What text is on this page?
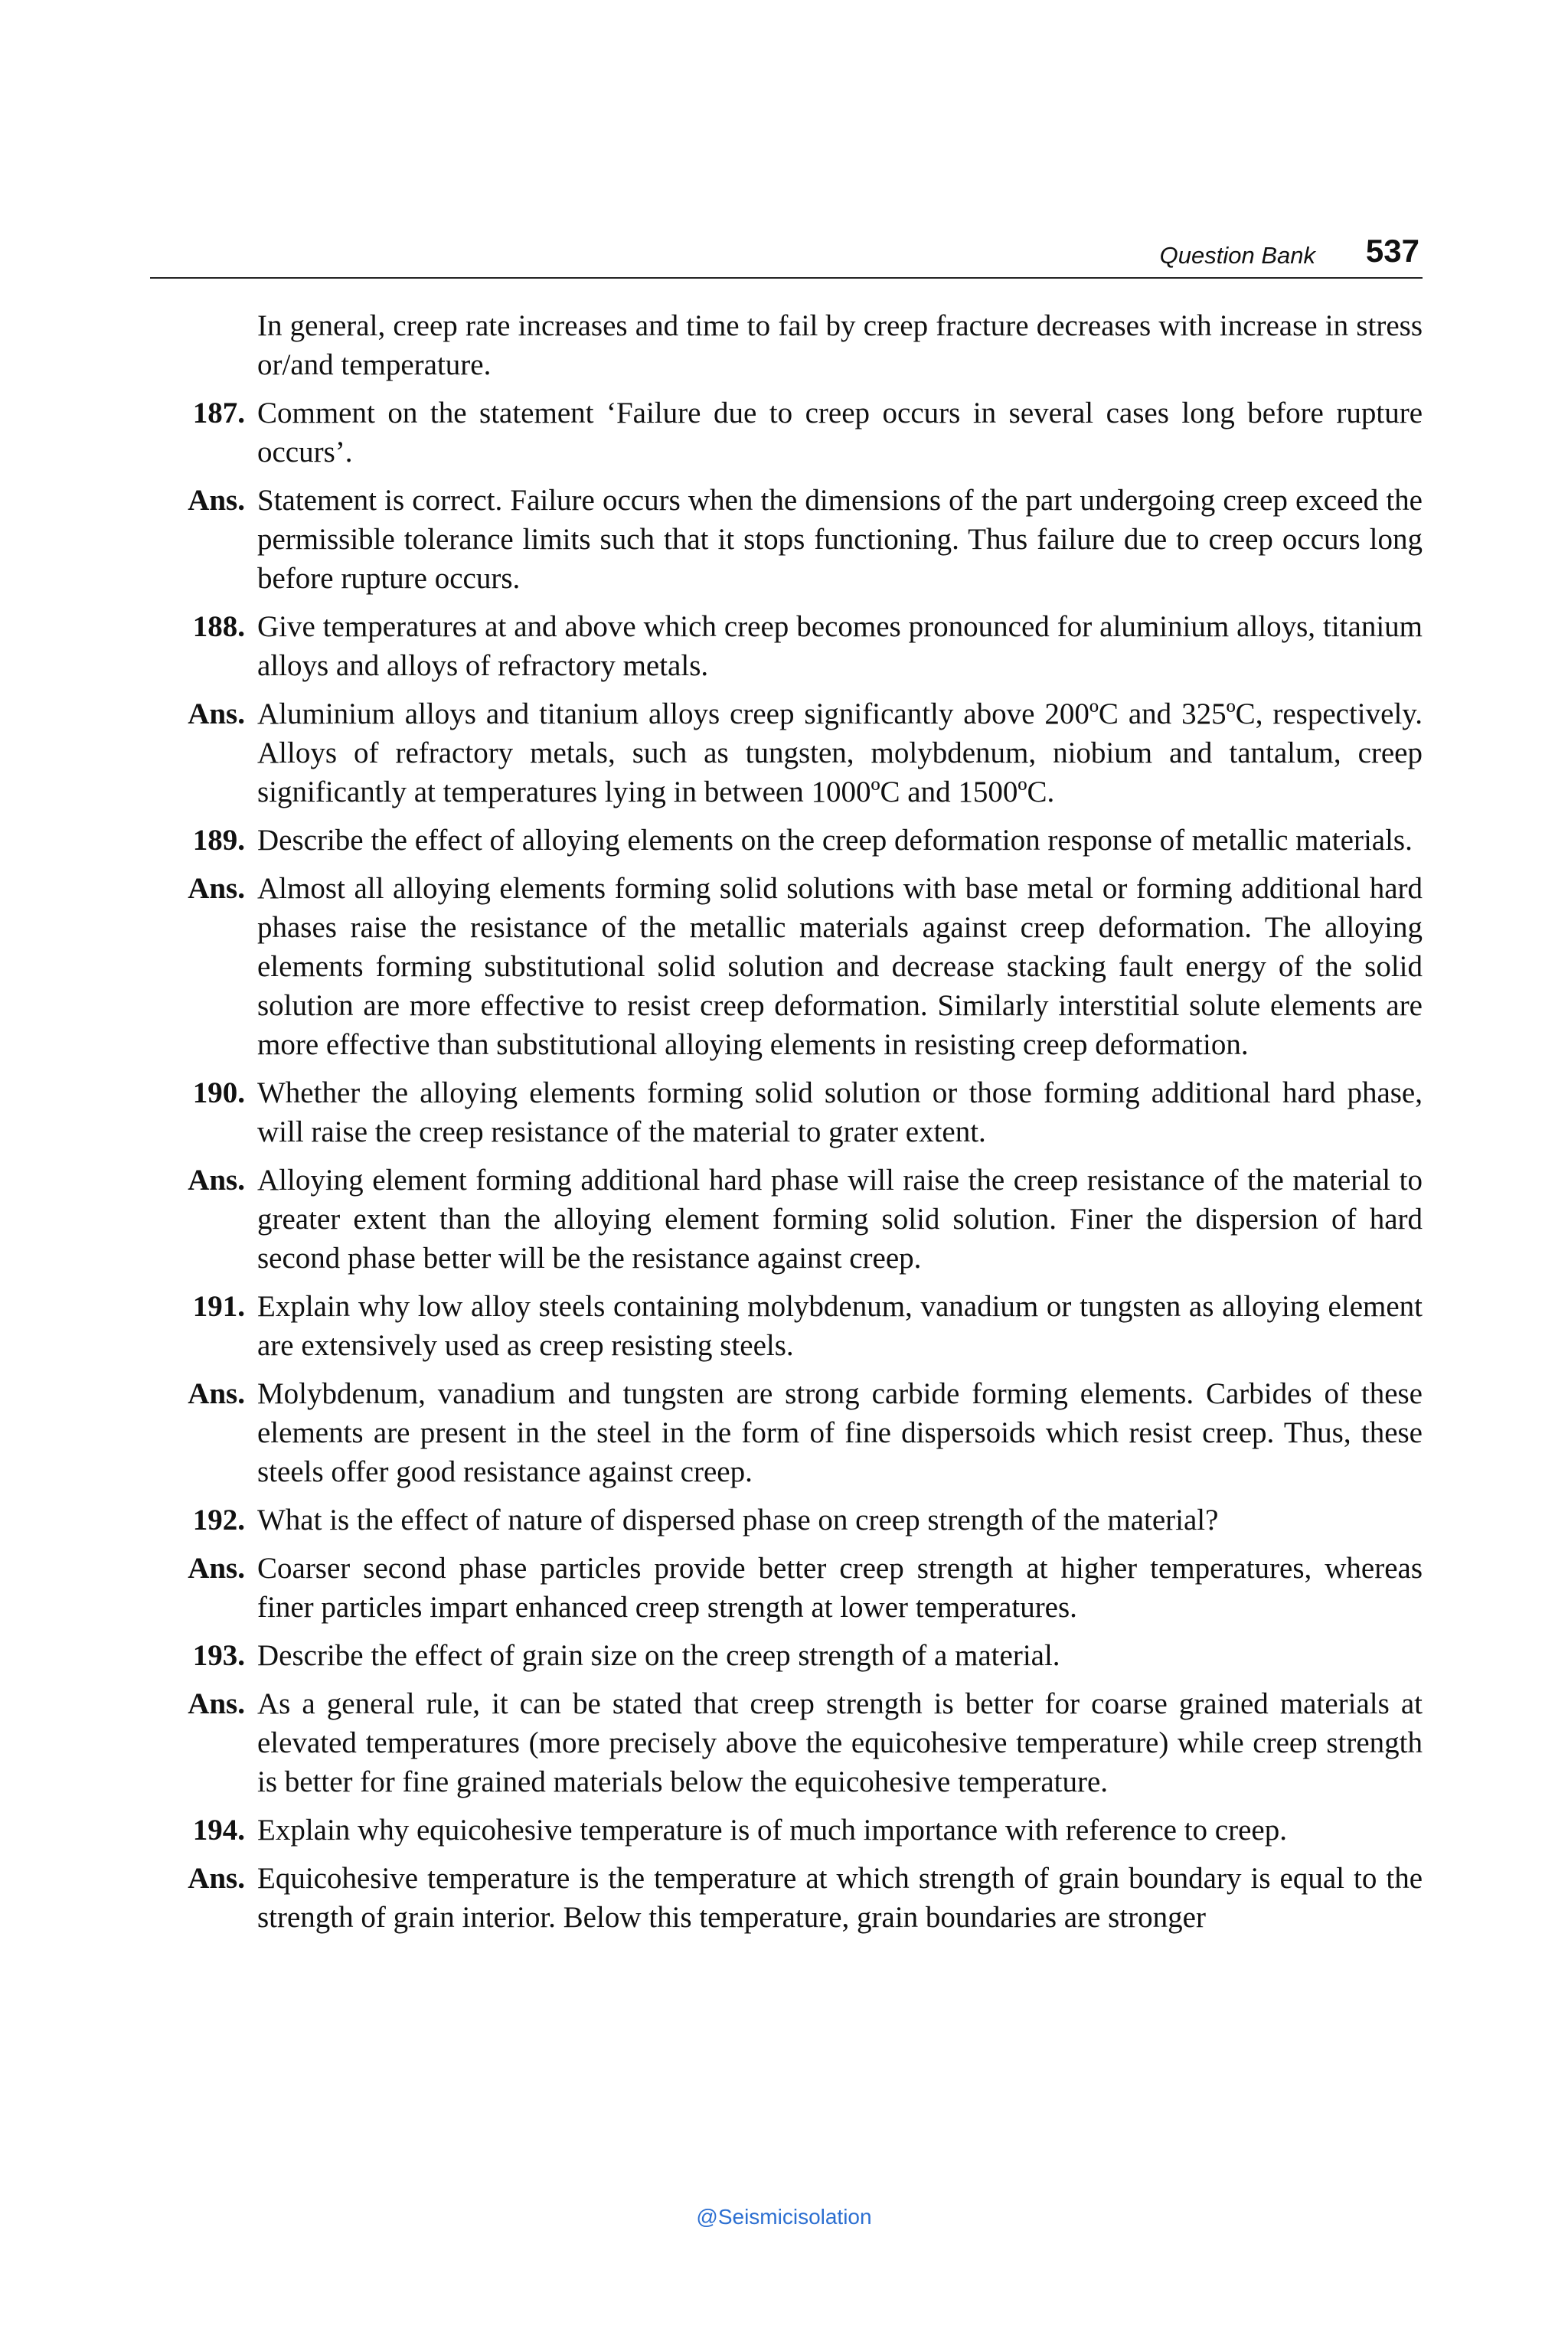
Question Bank 537
In general, creep rate increases and time to fail by creep fracture decreases with increase in stress or/and temperature.
187. Comment on the statement ‘Failure due to creep occurs in several cases long before rupture occurs’.
Ans. Statement is correct. Failure occurs when the dimensions of the part undergoing creep exceed the permissible tolerance limits such that it stops functioning. Thus failure due to creep occurs long before rupture occurs.
188. Give temperatures at and above which creep becomes pronounced for aluminium alloys, titanium alloys and alloys of refractory metals.
Ans. Aluminium alloys and titanium alloys creep significantly above 200ºC and 325ºC, respectively. Alloys of refractory metals, such as tungsten, molybdenum, niobium and tantalum, creep significantly at temperatures lying in between 1000ºC and 1500ºC.
189. Describe the effect of alloying elements on the creep deformation response of metallic materials.
Ans. Almost all alloying elements forming solid solutions with base metal or forming additional hard phases raise the resistance of the metallic materials against creep deformation. The alloying elements forming substitutional solid solution and decrease stacking fault energy of the solid solution are more effective to resist creep deformation. Similarly interstitial solute elements are more effective than substitutional alloying elements in resisting creep deformation.
190. Whether the alloying elements forming solid solution or those forming additional hard phase, will raise the creep resistance of the material to grater extent.
Ans. Alloying element forming additional hard phase will raise the creep resistance of the material to greater extent than the alloying element forming solid solution. Finer the dispersion of hard second phase better will be the resistance against creep.
191. Explain why low alloy steels containing molybdenum, vanadium or tungsten as alloying element are extensively used as creep resisting steels.
Ans. Molybdenum, vanadium and tungsten are strong carbide forming elements. Carbides of these elements are present in the steel in the form of fine dispersoids which resist creep. Thus, these steels offer good resistance against creep.
192. What is the effect of nature of dispersed phase on creep strength of the material?
Ans. Coarser second phase particles provide better creep strength at higher temperatures, whereas finer particles impart enhanced creep strength at lower temperatures.
193. Describe the effect of grain size on the creep strength of a material.
Ans. As a general rule, it can be stated that creep strength is better for coarse grained materials at elevated temperatures (more precisely above the equicohesive temperature) while creep strength is better for fine grained materials below the equicohesive temperature.
194. Explain why equicohesive temperature is of much importance with reference to creep.
Ans. Equicohesive temperature is the temperature at which strength of grain boundary is equal to the strength of grain interior. Below this temperature, grain boundaries are stronger
@Seismicisolation
